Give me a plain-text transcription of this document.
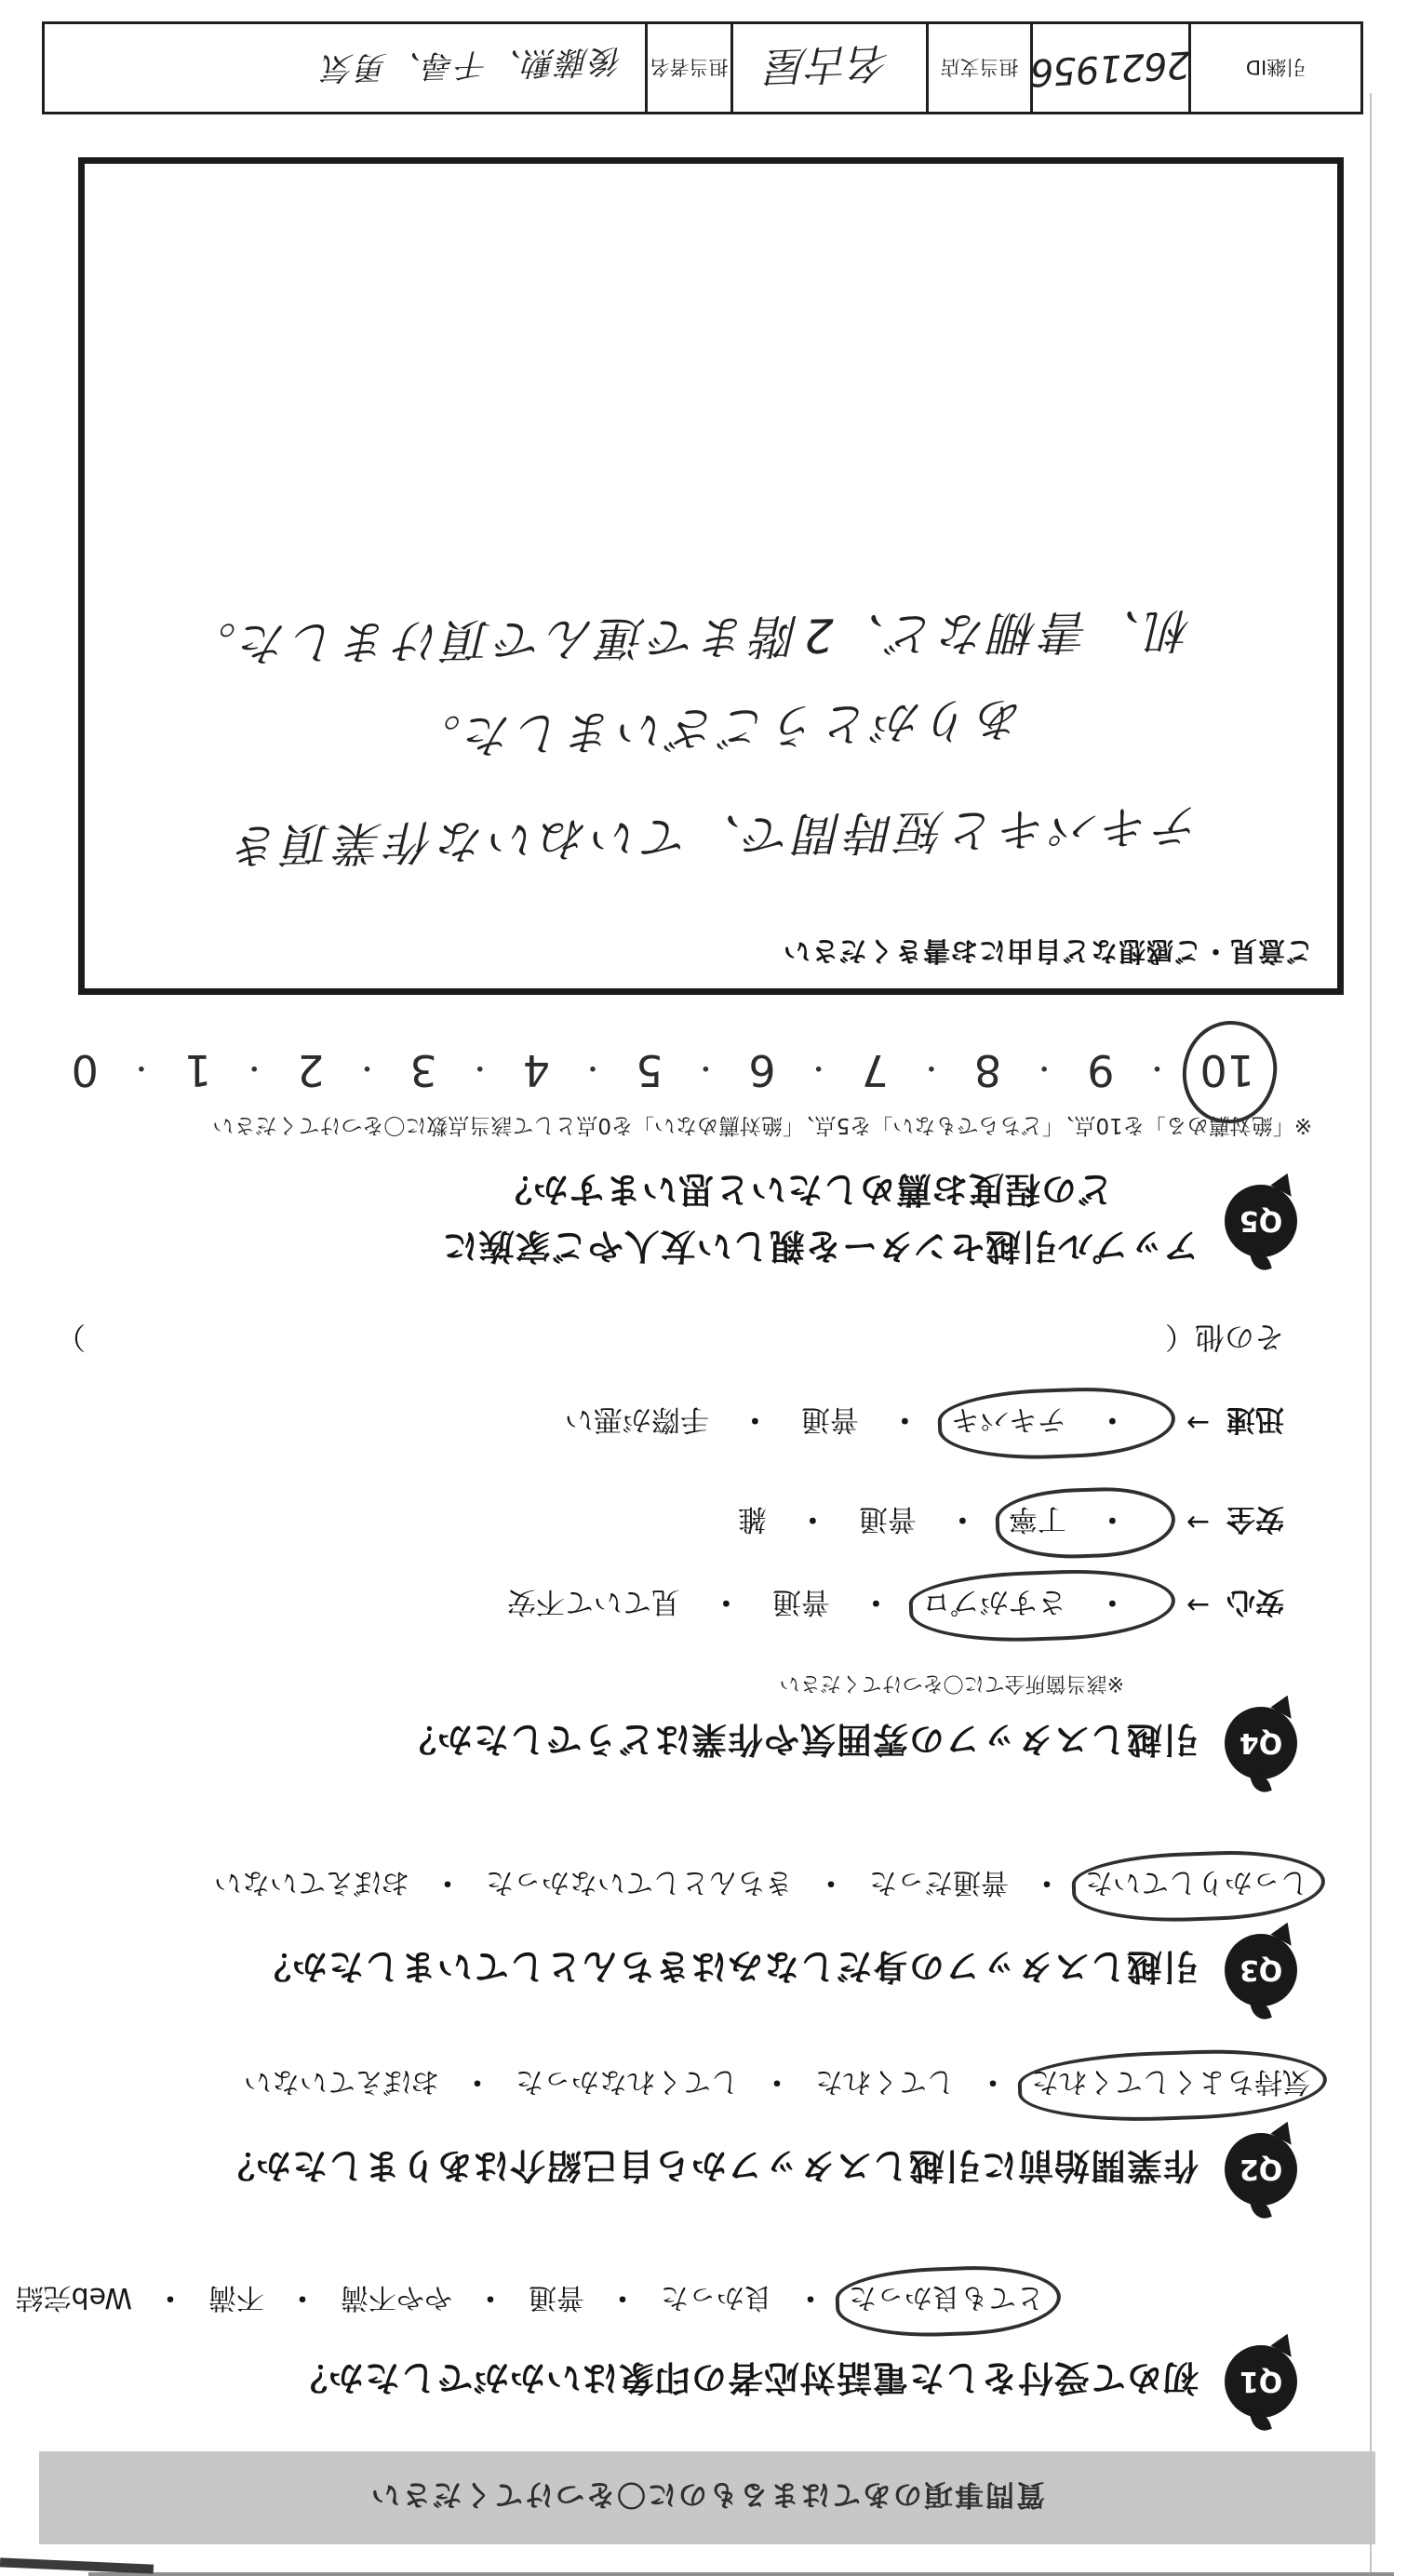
質問事項のあてはまるものに〇をつけてください
Q1
初めて受付をした電話対応者の印象はいかがでしたか？
とても良かった
・ 良かった
・ 普通
・ やや不満
・ 不満
・ Web完結
Q2
作業開始前に引越しスタッフから自己紹介はありましたか？
気持ちよくしてくれた
・ してくれた
・ してくれなかった
・ おぼえていない
Q3
引越しスタッフの身だしなみはきちんとしていましたか？
しっかりしていた
・ 普通だった
・ きちんとしていなかった
・ おぼえていない
Q4
引越しスタッフの雰囲気や作業はどうでしたか？
※該当箇所全てに〇をつけてください
安心
→
・ さすがプロ
・ 普通
・ 見ていて不安
安全
→
・ 丁寧
・ 普通
・ 雑
迅速
→
・ テキパキ
・ 普通
・ 手際が悪い
その他（
）
Q5
アップル引越センターを親しい友人やご家族に
どの程度お薦めしたいと思いますか？
※「絶対薦める」を10点、「どちらでもない」を5点、「絶対薦めない」を0点として該当点数に〇をつけてください
10
・ 9
・ 8
・ 7
・ 6
・ 5
・ 4
・ 3
・ 2
・ 1
・ 0
ご意見・ご感想など自由にお書きください
テキパキと短時間で、ていねいな作業頂き
ありがとうございました。
机、書棚など、2階まで運んで頂けました。
引継ID
2621956
担当支店
名古屋
担当者名
後藤勲、千尋、勇気
